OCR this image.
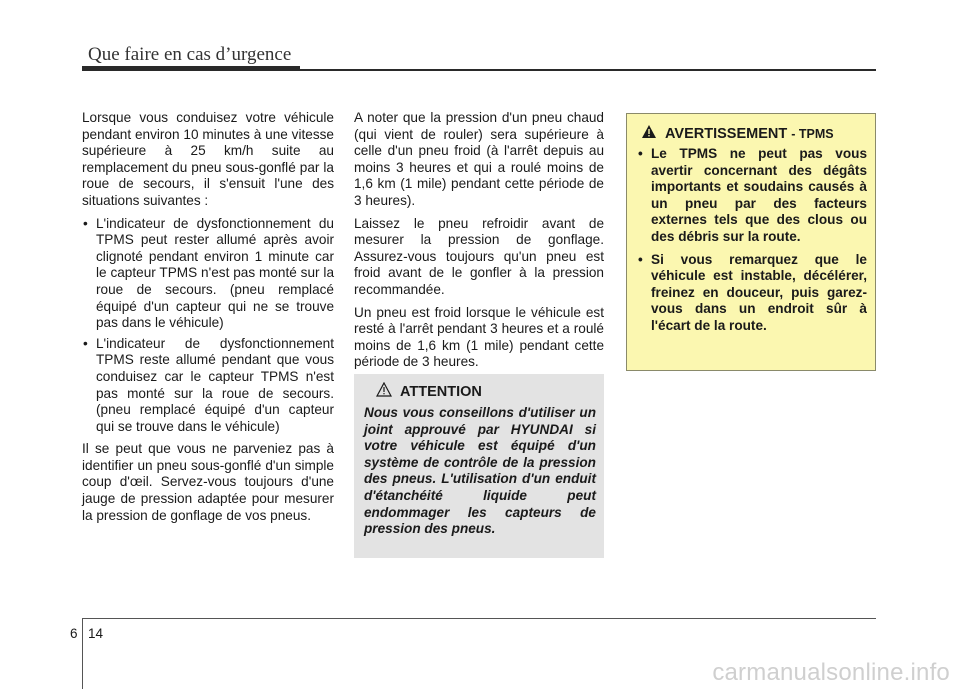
Que faire en cas d’urgence

Lorsque vous conduisez votre véhicule pendant environ 10 minutes à une vitesse supérieure à 25 km/h suite au remplacement du pneu sous-gonflé par la roue de secours, il s'ensuit l'une des situations suivantes :

• L'indicateur de dysfonctionnement du TPMS peut rester allumé après avoir clignoté pendant environ 1 minute car le capteur TPMS n'est pas monté sur la roue de secours. (pneu remplacé équipé d'un capteur qui ne se trouve pas dans le véhicule)
• L'indicateur de dysfonctionnement TPMS reste allumé pendant que vous conduisez car le capteur TPMS n'est pas monté sur la roue de secours. (pneu remplacé équipé d'un capteur qui se trouve dans le véhicule)

Il se peut que vous ne parveniez pas à identifier un pneu sous-gonflé d'un simple coup d'œil. Servez-vous toujours d'une jauge de pression adaptée pour mesurer la pression de gonflage de vos pneus.

A noter que la pression d'un pneu chaud (qui vient de rouler) sera supérieure à celle d'un pneu froid (à l'arrêt depuis au moins 3 heures et qui a roulé moins de 1,6 km (1 mile) pendant cette période de 3 heures).

Laissez le pneu refroidir avant de mesurer la pression de gonflage. Assurez-vous toujours qu'un pneu est froid avant de le gonfler à la pression recommandée.

Un pneu est froid lorsque le véhicule est resté à l'arrêt pendant 3 heures et a roulé moins de 1,6 km (1 mile) pendant cette période de 3 heures.

ATTENTION
Nous vous conseillons d'utiliser un joint approuvé par HYUNDAI si votre véhicule est équipé d'un système de contrôle de la pression des pneus. L'utilisation d'un enduit d'étanchéité liquide peut endommager les capteurs de pression des pneus.
AVERTISSEMENT
- TPMS
• Le TPMS ne peut pas vous avertir concernant des dégâts importants et soudains causés à un pneu par des facteurs externes tels que des clous ou des débris sur la route.
• Si vous remarquez que le véhicule est instable, décélérer, freinez en douceur, puis garez-vous dans un endroit sûr à l'écart de la route.
6 14
carmanualsonline.info
